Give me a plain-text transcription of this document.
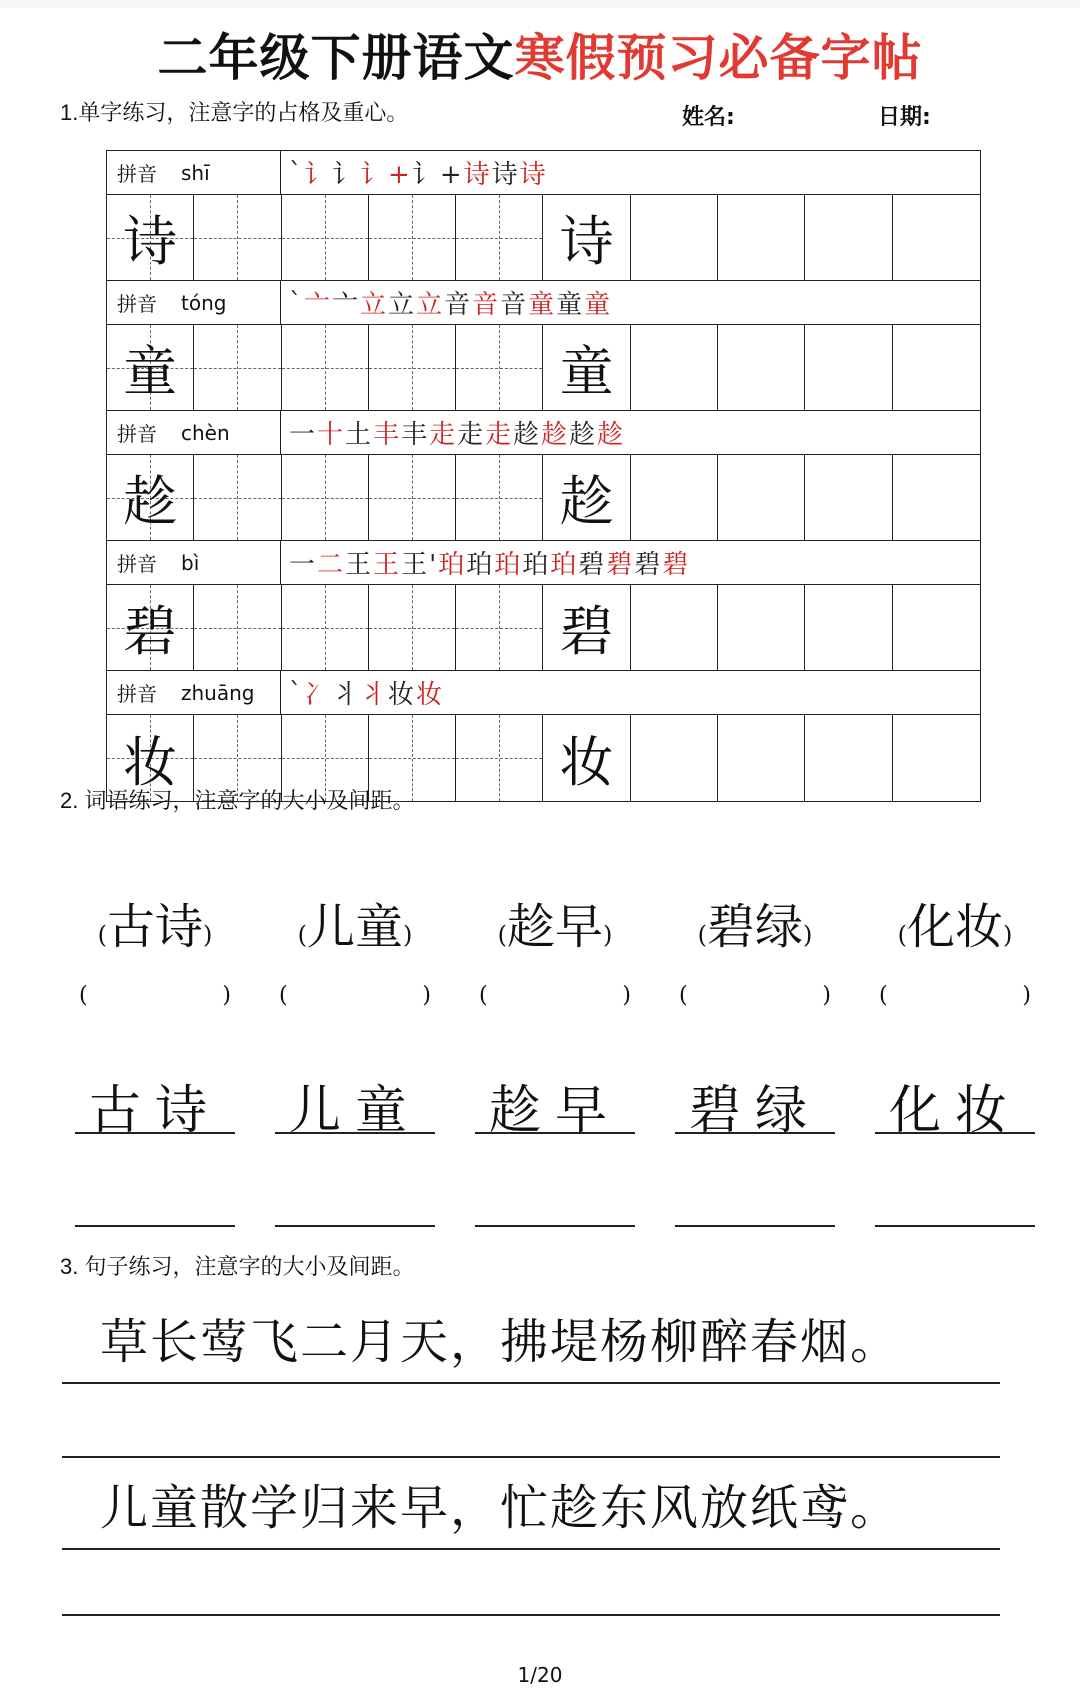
二年级下册语文寒假预习必备字帖
1.单字练习，注意字的占格及重心。	姓名:	日期:
拼音 shī	` 讠 讠 讠+ 讠+ 诗 诗 诗
诗	诗
拼音 tóng ` 亠 亠 立 立 立 音 音 音 童 童 童
童	童
拼音 chèn 一 十 土 丰 丰 走 走 走 趁 趁 趁 趁
趁	趁
拼音 bì	一 二 王 王 王' 珀 珀 珀 珀 珀 碧 碧 碧 碧
碧	碧
拼音 zhuāng ` 冫 丬 丬 妆 妆
妆	妆
2. 词语练习，注意字的大小及间距。
(古诗)	(儿童)	(趁早)	(碧绿)	(化妆)
(	) (	) (	) (	) (	)
古诗 儿童 趁早 碧绿 化妆
3. 句子练习，注意字的大小及间距。
草长莺飞二月天，拂堤杨柳醉春烟。
儿童散学归来早，忙趁东风放纸鸢。
1/20
